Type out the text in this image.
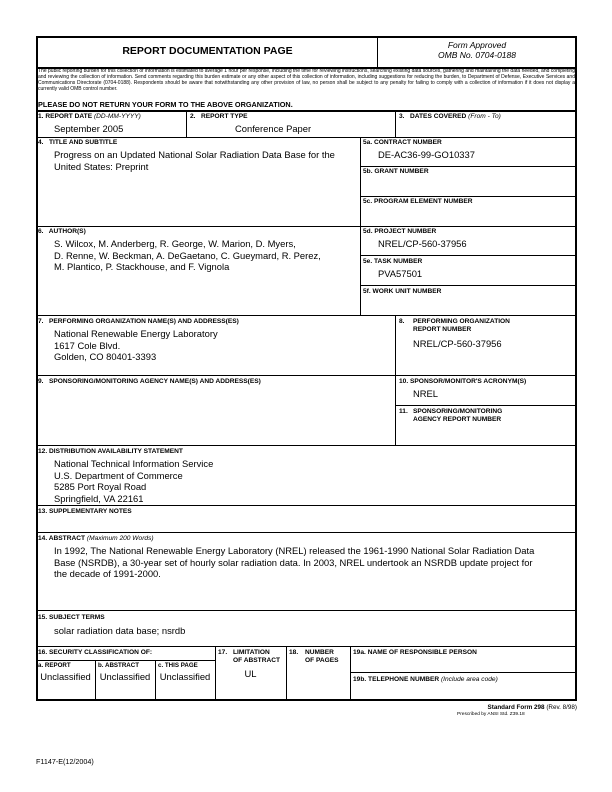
REPORT DOCUMENTATION PAGE	Form Approved
OMB No. 0704-0188
The public reporting burden for this collection of information is estimated to average 1 hour per response, including the time for reviewing instructions, searching existing data sources, gathering and maintaining the data needed, and completing and reviewing the collection of information. Send comments regarding this burden estimate or any other aspect of this collection of information, including suggestions for reducing the burden, to Department of Defense, Executive Services and Communications Directorate (0704-0188). Respondents should be aware that notwithstanding any other provision of law, no person shall be subject to any penalty for failing to comply with a collection of information if it does not display a currently valid OMB control number.
PLEASE DO NOT RETURN YOUR FORM TO THE ABOVE ORGANIZATION.
1. REPORT DATE (DD-MM-YYYY)
September 2005
2. REPORT TYPE
Conference Paper
3. DATES COVERED (From - To)
4. TITLE AND SUBTITLE
Progress on an Updated National Solar Radiation Data Base for the
United States: Preprint
5a. CONTRACT NUMBER
DE-AC36-99-GO10337
5b. GRANT NUMBER
5c. PROGRAM ELEMENT NUMBER
6. AUTHOR(S)
S. Wilcox, M. Anderberg, R. George, W. Marion, D. Myers,
D. Renne, W. Beckman, A. DeGaetano, C. Gueymard, R. Perez,
M. Plantico, P. Stackhouse, and F. Vignola
5d. PROJECT NUMBER
NREL/CP-560-37956
5e. TASK NUMBER
PVA57501
5f. WORK UNIT NUMBER
7. PERFORMING ORGANIZATION NAME(S) AND ADDRESS(ES)
National Renewable Energy Laboratory
1617 Cole Blvd.
Golden, CO 80401-3393
8. PERFORMING ORGANIZATION
REPORT NUMBER
NREL/CP-560-37956
9. SPONSORING/MONITORING AGENCY NAME(S) AND ADDRESS(ES)	10. SPONSOR/MONITOR'S ACRONYM(S)
NREL
11. SPONSORING/MONITORING
AGENCY REPORT NUMBER
12. DISTRIBUTION AVAILABILITY STATEMENT
National Technical Information Service
U.S. Department of Commerce
5285 Port Royal Road
Springfield, VA 22161
13. SUPPLEMENTARY NOTES
14. ABSTRACT (Maximum 200 Words)
In 1992, The National Renewable Energy Laboratory (NREL) released the 1961-1990 National Solar Radiation Data
Base (NSRDB), a 30-year set of hourly solar radiation data. In 2003, NREL undertook an NSRDB update project for
the decade of 1991-2000.
15. SUBJECT TERMS
solar radiation data base; nsrdb
16. SECURITY CLASSIFICATION OF:
a. REPORT
Unclassified
b. ABSTRACT
Unclassified
c. THIS PAGE
Unclassified
17. LIMITATION
OF ABSTRACT
UL
18. NUMBER
OF PAGES
19a. NAME OF RESPONSIBLE PERSON
19b. TELEPHONE NUMBER (Include area code)
Standard Form 298 (Rev. 8/98)
Prescribed by ANSI Std. Z39.18
F1147-E(12/2004)
